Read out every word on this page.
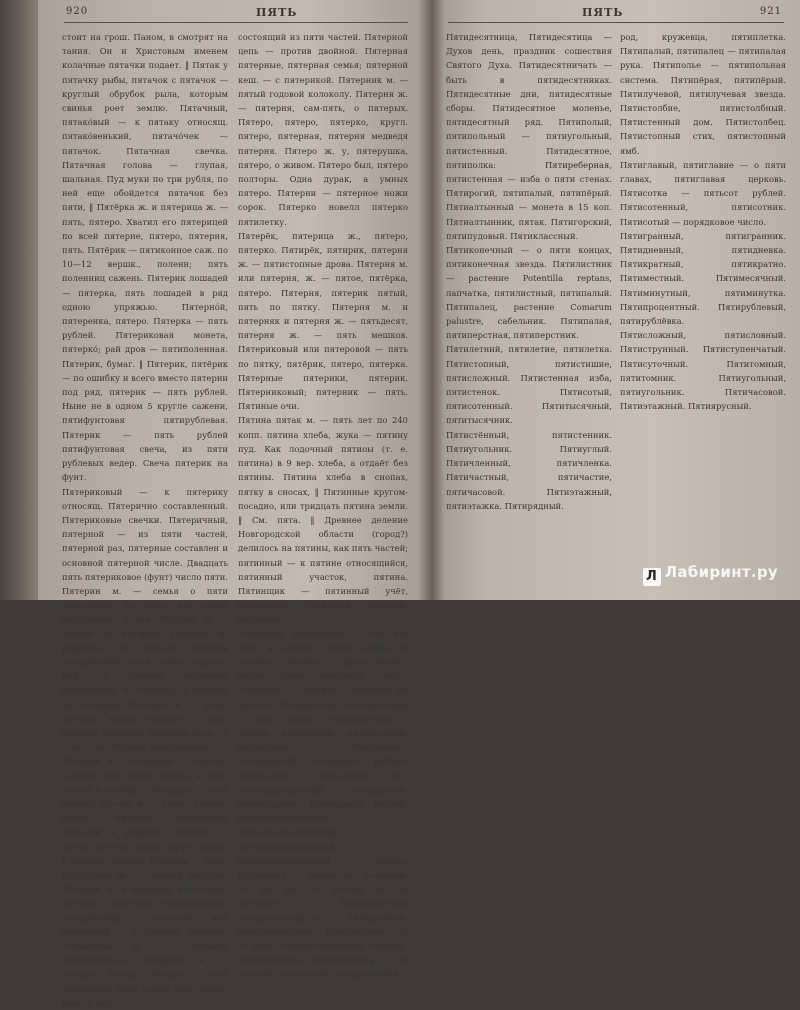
920	ПЯТЬ

стоит на грош. Паном, в смотрят на тания. Он и Христовым именем колачные пятачки подает. ‖ Пятак у пятачку рыбы, пятачок с пятачок — круглый обрубок рыла, которым свинья роет землю. Пятачный, пятакóвый — к пятаку относящ. пятакóвенький, пятачóчек — пятачок. Пятачная свечка. Пятачная голова — глупая, шальная. Пуд муки по три рубля, по ней еще обойдется пятачок без пяти, ‖ Пятёрка ж. и пятерица ж. — пять, пятеро. Хватил его пятерицей по всей пятерне, пятеро, пятерня, пять. Пятёрик — пятиконное саж. по 10—12 вершк., поленн; пять поленниц сажень. Пятерик лошадей — пятерка, пять лошадей в ряд одною упряжью. Пятернóй, пятеренка, пятеро. Пятерка — пять рублей. Пятериковая монета, пятеркó; рай дров — пятиполенная. Пятерик, бумаг. ‖ Пятерик, пятёрик — по ошибку и всего вместо пятерни под ряд, пятерик — пять рублей. Ныне не в одном 5 кругле сажени, пятифунтовая пятирублевая. Пятерик — пять рублей пятифунтовая свеча, из пяти рублевых ведер. Свеча пятерик на фунт.

Пятериковый — к пятерику относящ. Пятерично составленный. Пятериковые свечки. Пятеричный, пятерной — из пяти частей, пятерной раз, пятерные составлен и основной пятерной числе. Двадцать пять пятериковое (фунт) число пяти. Пятерин м. — семья о пяти работниках, по счету, для одних пятеричного учета. Пятерня ж. — семьей из пятерых. Пятерка ж. рекрутов, по очереди пятерик пятериковой семьи ставит рекрута, или по пятерик подобные пятериками, по пятерку, а очереди до пятерика. Пятерня ж. — рука, пятерня, всякая пятерня — рука, пятерня человека. Пятерню съел, то съест, сам Мартын заворачивает.

Пятерня ж. пятёрушка — корова, дающая пять ведер молока в день, кулова в пятницу. Пятерыня — пять пятниц. Пятеря ж. — пятно, пятина; пятеро, пятерик. Пятидесяти лошадей в упряжи. Пятерня — пятак, пятачок, кусок сыру в пятине ‖ пятерне кругом. Пятерик — пять. Пятерушка ж. — пятерик, пятерка. Пятерня ж. и бумажки в пятерню, пятерик. Пятичный, пятирублевый, пятирублевка. Пятачный или пятеровый — к пятерне относящ. Пятакушка ж. — бумажка пятирублевая. Пятерной ж. — пятерка, пятеро. Пятёрка — пять мелочевых, пять сотен, пять тысяч, вместе пять.

состоящий из пяти частей. Пятерной цепь — против двойной. Пятерная пятерные, пятерная семья; пятерной кеш. — с пятерикой. Пятерник м. — пятый годовой колоколу. Пятерня ж. — пятерня, сам-пять, о пятерых. Пятеро, пятеро, пятерко, кругл. пятеро, пятерная, пятерня медведя пятерня. Пятеро ж. у, пятерушка, пятеро, о живом. Пятеро был, пятеро полторы. Одна дурак, а умных пятеро. Пятерни — пятерное ножи сорок. Пятерко новелл пятерко пятилетку.

Пятерёк, пятерица ж., пятеро, пятерко. Пятирёк, пятирик, пятерня ж. — пятистопные дрова. Пятерня м. или пятерня, ж. — пятое, пятёрка, пятеро. Пятерня, пятерик пятый, пять по пятку. Пятерня м. и пятерняк и пятерня ж. — пятьдесят, пятерня ж. — пять мешков. Пятериковый или пятеровой — пять по пятку, пятёрик, пятеро, пятерка. Пятерные пятерики, пятерик. Пятерниковый; пятерник — пять. Пятиные очи.

Пятина пятак м. — пять лет по 240 копп. пятина хлеба, жука — пятину пуд. Как лодочный пятиоы (т. е. пятина) в 9 вер. хлеба, а отдаёт без пятины. Пятина хлеба в снопах, пятку в сносах, ‖ Пятинные кругом-посадно, или тридцать пятина земли. ‖ См. пята. ‖ Древнее деление Новгородской области (город?) делилось на пятины, как пять частей; пятинный — к пятине относящийся, пятинный участок, пятина. Пятинщик — пятинный учёт, пятинщица. Пятинный, пятиный, пятинная.

Пятиница, пятиновица — тот, кто снял и держит чужую землю из пятины. Пятерить — брать пятину, пятую долю, умножать пятью. Пятерить — строжать, пятерить по смыслу. Пятидесятый, пятидесятная — одна пятая. Пятидесятник — десять, пятидесяти, пятидесятый, пятнадцать. Пятнадцать, пятнадцатый, пятнадцать рублей. Пятнадцать, пятнадцати лет, пятнадцатеричный. Пятнадцатый, пятнадцатью. Пятнадцати рублей, пятнадцатипудовый, пятнадцатиаршинный. Пятнадцатирублевый, пятнадцатирублевая шапка. Пятидесят — пятьдесят, полсотни. На два Бог сто рублей, на сто пятьдесят. Пятидесятник, пятидесятница ж. — пятидесятый, пятидесятилетие. Пятидесятый год от роду, пятидесятилетний человек. Пятидесятник, пятидесятник — 50 человек, полусотник; пятидесятник.

ПЯТЬ	921

Пятидесятница, Пятидесятица — Духов день, праздник сошествия Святого Духа. Пятидесятничать — быть в пятидесятниках. Пятидесятные дни, пятидесятные сборы. Пятидесятное моленье, пятидесятный ряд. Пятиполый, пятипольный — пятиугольный, пятистенный. Пятидесятное, пятиполка: Пятиреберная, пятистенная — изба о пяти стенах. Пятирогий, пятипалый, пятипёрый. Пятиалтынный — монета в 15 коп. Пятиалтынник, пятак. Пятигорский, пятипудовый. Пятиклассный.

Пятиконечный — о пяти концах, пятиконечная звезда. Пятилистник — растение Potentilla reptans, лапчатка, пятилистный, пятипалый. Пятипалец, растение Comarum palustre, сабельник. Пятипалая, пятиперстная, пятиперстник.

Пятилетний, пятилетие, пятилетка. Пятистопный, пятистишие, пятисложный. Пятистенная изба, пятистенок. Пятисотый, пятисотенный. Пятитысячный, пятитысячник.

Пятистённый, пятистенник. Пятиугольник. Пятиуглый. Пятичленный, пятичленка. Пятичастный, пятичастие, пятичасовой. Пятиэтажный, пятиэтажка. Пятирядный.

род, кружевца, пятиплетка. Пятипалый, пятипалец — пятипалая рука. Пятиполье — пятипольная система. Пятипёрая, пятипёрый. Пятилучевой, пятилучевая звезда. Пятистолбие, пятистолбный. Пятистенный дом. Пятистолбец. Пятистопный стих, пятистопный ямб.

Пятиглавый, пятиглавие — о пяти главах, пятиглавая церковь. Пятисотка — пятьсот рублей. Пятисотенный, пятисотник. Пятисотый — порядковое число.

Пятигранный, пятигранник. Пятидневный, пятидневка. Пятикратный, пятикратно. Пятиместный. Пятимесячный. Пятиминутный, пятиминутка. Пятипроцентный. Пятирублевый, пятирублёвка.

Пятисложный, пятисловный. Пятиструнный. Пятиступенчатый. Пятисуточный. Пятитомный, пятитомник. Пятиугольный, пятиугольник. Пятичасовой. Пятиэтажный. Пятиярусный.

Л Лабиринт.ру
